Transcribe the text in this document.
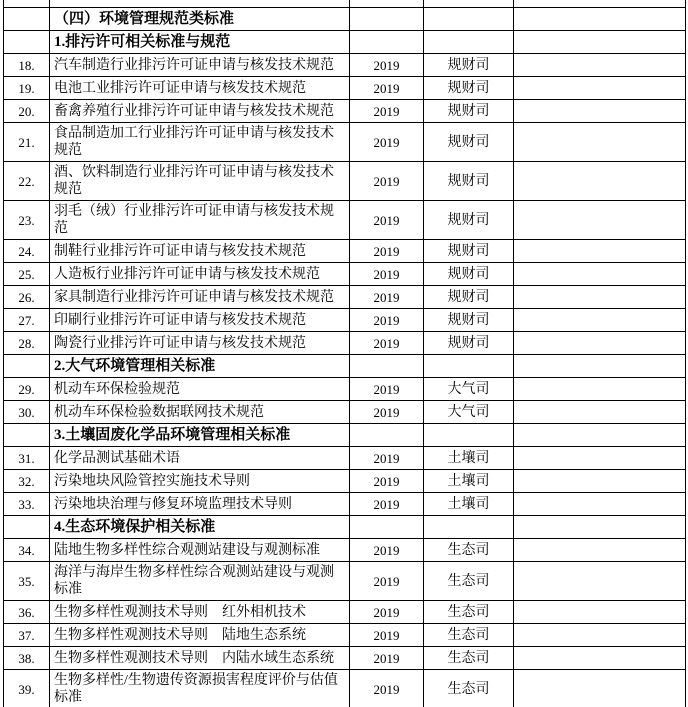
	（四）环境管理规范类标准			
	1.排污许可相关标准与规范			
18.	汽车制造行业排污许可证申请与核发技术规范	2019	规财司	
19.	电池工业排污许可证申请与核发技术规范	2019	规财司	
20.	畜禽养殖行业排污许可证申请与核发技术规范	2019	规财司	
21.	食品制造加工行业排污许可证申请与核发技术规范	2019	规财司	
22.	酒、饮料制造行业排污许可证申请与核发技术规范	2019	规财司	
23.	羽毛（绒）行业排污许可证申请与核发技术规范	2019	规财司	
24.	制鞋行业排污许可证申请与核发技术规范	2019	规财司	
25.	人造板行业排污许可证申请与核发技术规范	2019	规财司	
26.	家具制造行业排污许可证申请与核发技术规范	2019	规财司	
27.	印刷行业排污许可证申请与核发技术规范	2019	规财司	
28.	陶瓷行业排污许可证申请与核发技术规范	2019	规财司	
	2.大气环境管理相关标准			
29.	机动车环保检验规范	2019	大气司	
30.	机动车环保检验数据联网技术规范	2019	大气司	
	3.土壤固废化学品环境管理相关标准			
31.	化学品测试基础术语	2019	土壤司	
32.	污染地块风险管控实施技术导则	2019	土壤司	
33.	污染地块治理与修复环境监理技术导则	2019	土壤司	
	4.生态环境保护相关标准			
34.	陆地生物多样性综合观测站建设与观测标准	2019	生态司	
35.	海洋与海岸生物多样性综合观测站建设与观测标准	2019	生态司	
36.	生物多样性观测技术导则　红外相机技术	2019	生态司	
37.	生物多样性观测技术导则　陆地生态系统	2019	生态司	
38.	生物多样性观测技术导则　内陆水域生态系统	2019	生态司	
39.	生物多样性/生物遗传资源损害程度评价与估值标准	2019	生态司	
